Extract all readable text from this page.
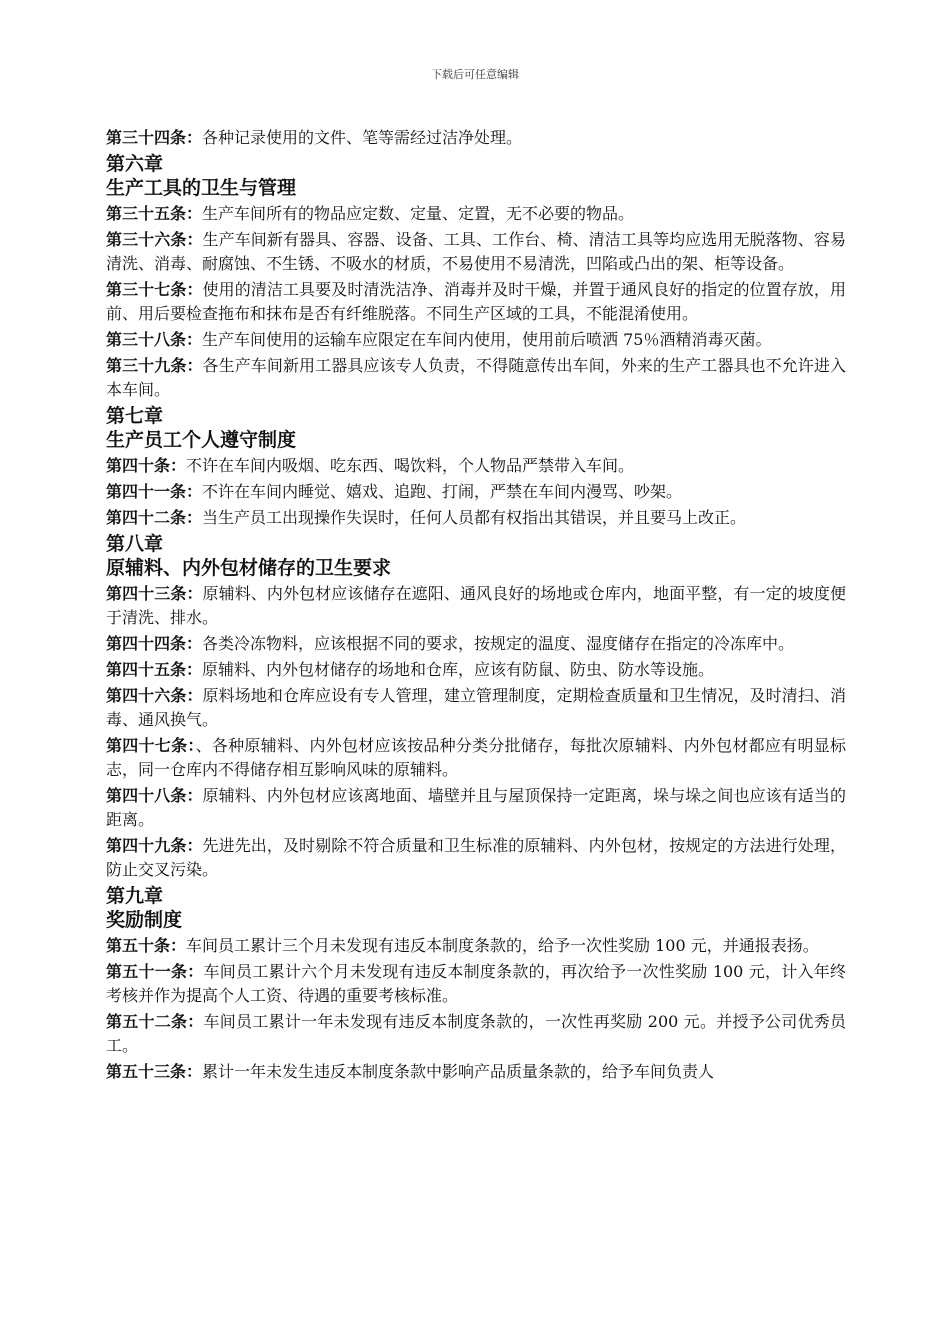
下载后可任意编辑

第三十四条：各种记录使用的文件、笔等需经过洁净处理。

第六章

生产工具的卫生与管理

第三十五条：生产车间所有的物品应定数、定量、定置，无不必要的物品。

第三十六条：生产车间新有器具、容器、设备、工具、工作台、椅、清洁工具等均应选用无脱落物、容易清洗、消毒、耐腐蚀、不生锈、不吸水的材质，不易使用不易清洗，凹陷或凸出的架、柜等设备。

第三十七条：使用的清洁工具要及时清洗洁净、消毒并及时干燥，并置于通风良好的指定的位置存放，用前、用后要检查拖布和抹布是否有纤维脱落。不同生产区域的工具，不能混淆使用。

第三十八条：生产车间使用的运输车应限定在车间内使用，使用前后喷洒 75％酒精消毒灭菌。

第三十九条：各生产车间新用工器具应该专人负责，不得随意传出车间，外来的生产工器具也不允许进入本车间。

第七章

生产员工个人遵守制度

第四十条：不许在车间内吸烟、吃东西、喝饮料，个人物品严禁带入车间。

第四十一条：不许在车间内睡觉、嬉戏、追跑、打闹，严禁在车间内漫骂、吵架。

第四十二条：当生产员工出现操作失误时，任何人员都有权指出其错误，并且要马上改正。

第八章

原辅料、内外包材储存的卫生要求

第四十三条：原辅料、内外包材应该储存在遮阳、通风良好的场地或仓库内，地面平整，有一定的坡度便于清洗、排水。

第四十四条：各类冷冻物料，应该根据不同的要求，按规定的温度、湿度储存在指定的冷冻库中。

第四十五条：原辅料、内外包材储存的场地和仓库，应该有防鼠、防虫、防水等设施。

第四十六条：原料场地和仓库应设有专人管理，建立管理制度，定期检查质量和卫生情况，及时清扫、消毒、通风换气。

第四十七条：、各种原辅料、内外包材应该按品种分类分批储存，每批次原辅料、内外包材都应有明显标志，同一仓库内不得储存相互影响风味的原辅料。

第四十八条：原辅料、内外包材应该离地面、墙壁并且与屋顶保持一定距离，垛与垛之间也应该有适当的距离。

第四十九条：先进先出，及时剔除不符合质量和卫生标准的原辅料、内外包材，按规定的方法进行处理，防止交叉污染。

第九章

奖励制度

第五十条：车间员工累计三个月未发现有违反本制度条款的，给予一次性奖励 100 元，并通报表扬。

第五十一条：车间员工累计六个月未发现有违反本制度条款的，再次给予一次性奖励 100 元，计入年终考核并作为提高个人工资、待遇的重要考核标准。

第五十二条：车间员工累计一年未发现有违反本制度条款的，一次性再奖励 200 元。并授予公司优秀员工。

第五十三条：累计一年未发生违反本制度条款中影响产品质量条款的，给予车间负责人
